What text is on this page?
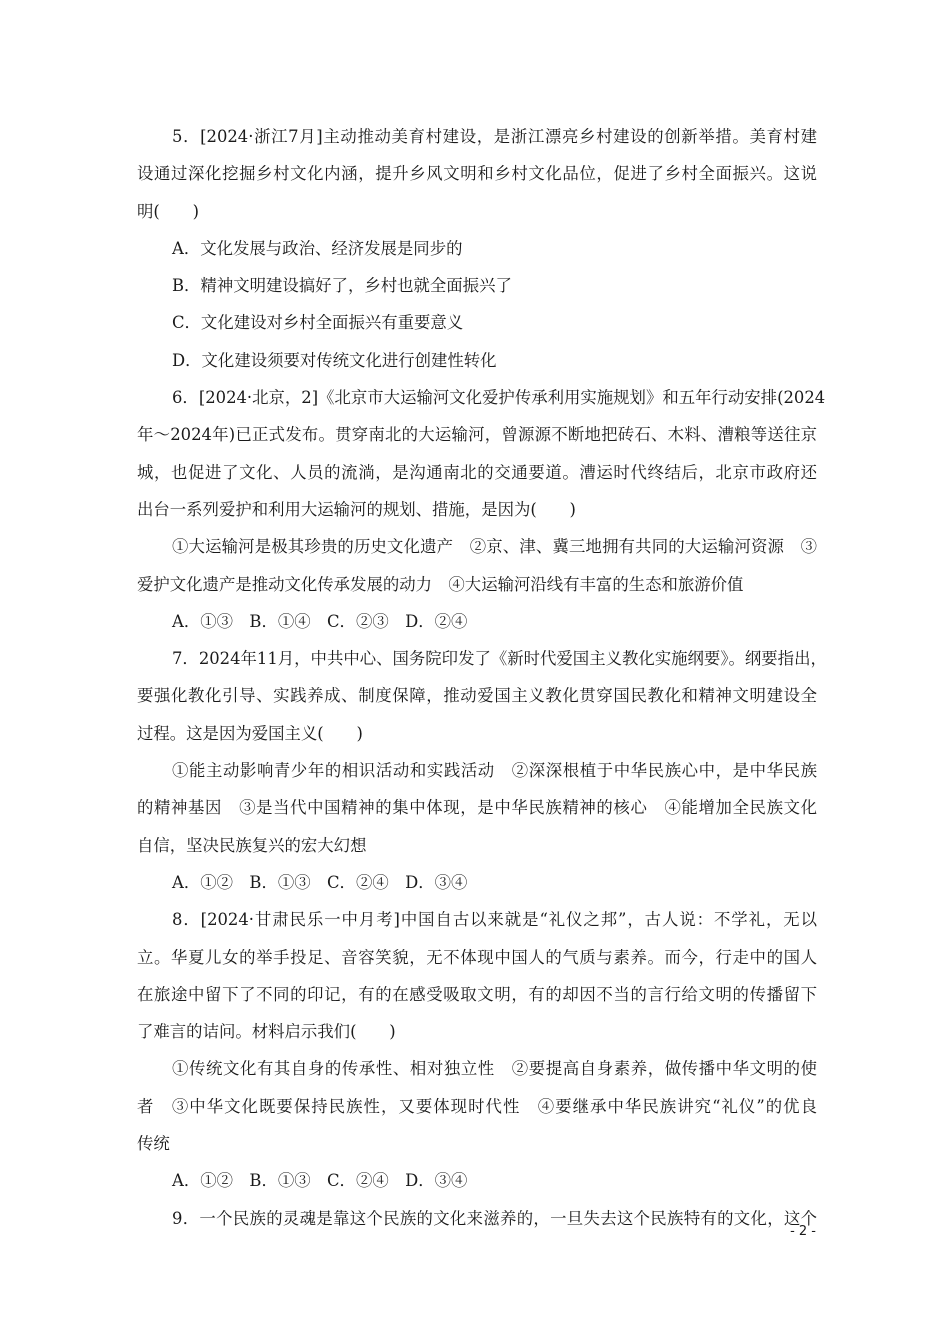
5．[2024·浙江7月]主动推动美育村建设，是浙江漂亮乡村建设的创新举措。美育村建
设通过深化挖掘乡村文化内涵，提升乡风文明和乡村文化品位，促进了乡村全面振兴。这说
明(　　)
A．文化发展与政治、经济发展是同步的
B．精神文明建设搞好了，乡村也就全面振兴了
C．文化建设对乡村全面振兴有重要意义
D．文化建设须要对传统文化进行创建性转化
6．[2024·北京，2]《北京市大运输河文化爱护传承利用实施规划》和五年行动安排(2024
年～2024年)已正式发布。贯穿南北的大运输河，曾源源不断地把砖石、木料、漕粮等送往京
城，也促进了文化、人员的流淌，是沟通南北的交通要道。漕运时代终结后，北京市政府还
出台一系列爱护和利用大运输河的规划、措施，是因为(　　)
①大运输河是极其珍贵的历史文化遗产　②京、津、冀三地拥有共同的大运输河资源　③
爱护文化遗产是推动文化传承发展的动力　④大运输河沿线有丰富的生态和旅游价值
A．①③　B．①④　C．②③　D．②④
7．2024年11月，中共中心、国务院印发了《新时代爱国主义教化实施纲要》。纲要指出，
要强化教化引导、实践养成、制度保障，推动爱国主义教化贯穿国民教化和精神文明建设全
过程。这是因为爱国主义(　　)
①能主动影响青少年的相识活动和实践活动　②深深根植于中华民族心中，是中华民族
的精神基因　③是当代中国精神的集中体现，是中华民族精神的核心　④能增加全民族文化
自信，坚决民族复兴的宏大幻想
A．①②　B．①③　C．②④　D．③④
8．[2024·甘肃民乐一中月考]中国自古以来就是“礼仪之邦”，古人说：不学礼，无以
立。华夏儿女的举手投足、音容笑貌，无不体现中国人的气质与素养。而今，行走中的国人
在旅途中留下了不同的印记，有的在感受吸取文明，有的却因不当的言行给文明的传播留下
了难言的诘问。材料启示我们(　　)
①传统文化有其自身的传承性、相对独立性　②要提高自身素养，做传播中华文明的使
者　③中华文化既要保持民族性，又要体现时代性　④要继承中华民族讲究“礼仪”的优良
传统
A．①②　B．①③　C．②④　D．③④
9．一个民族的灵魂是靠这个民族的文化来滋养的，一旦失去这个民族特有的文化，这个
- 2 -
